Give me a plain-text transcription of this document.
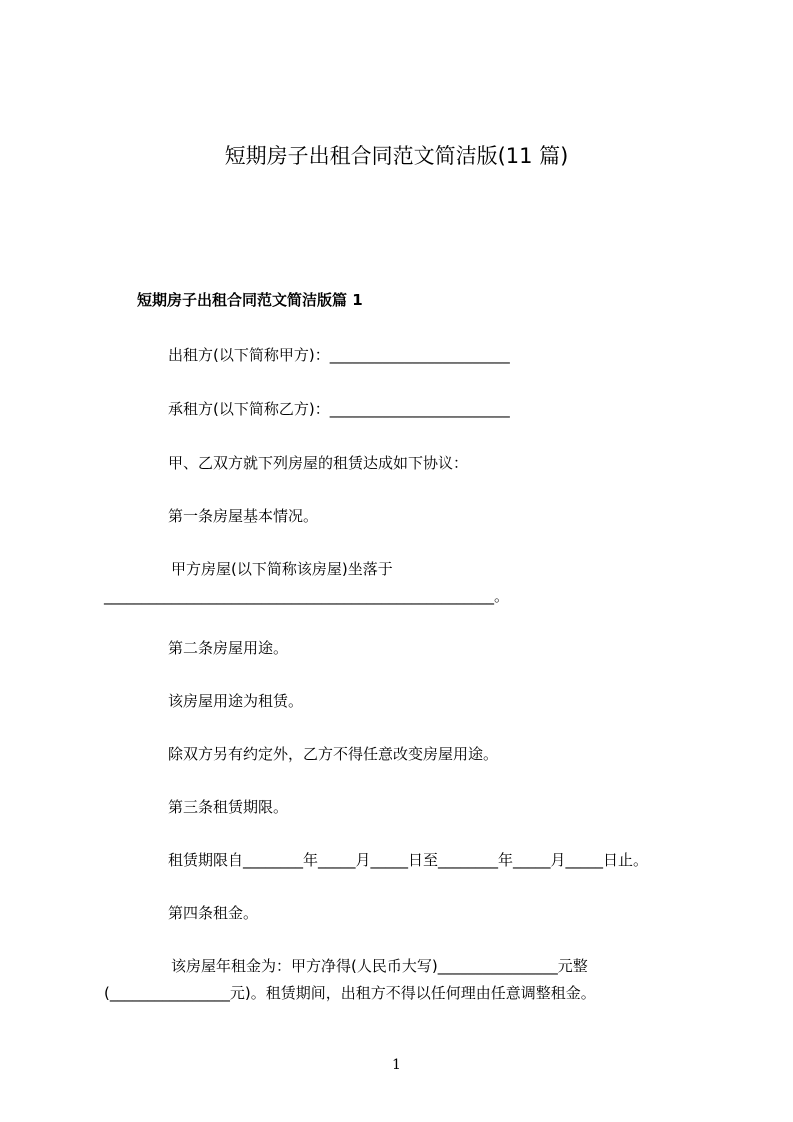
短期房子出租合同范文简洁版(11 篇)
短期房子出租合同范文简洁版篇 1
出租方(以下简称甲方)：________________________
承租方(以下简称乙方)：________________________
甲、乙双方就下列房屋的租赁达成如下协议：
第一条房屋基本情况。
甲方房屋(以下简称该房屋)坐落于____________________________________________________。
第二条房屋用途。
该房屋用途为租赁。
除双方另有约定外，乙方不得任意改变房屋用途。
第三条租赁期限。
租赁期限自________年_____月_____日至________年_____月_____日止。
第四条租金。
该房屋年租金为：甲方净得(人民币大写)________________元整(________________元)。租赁期间，出租方不得以任何理由任意调整租金。
1
